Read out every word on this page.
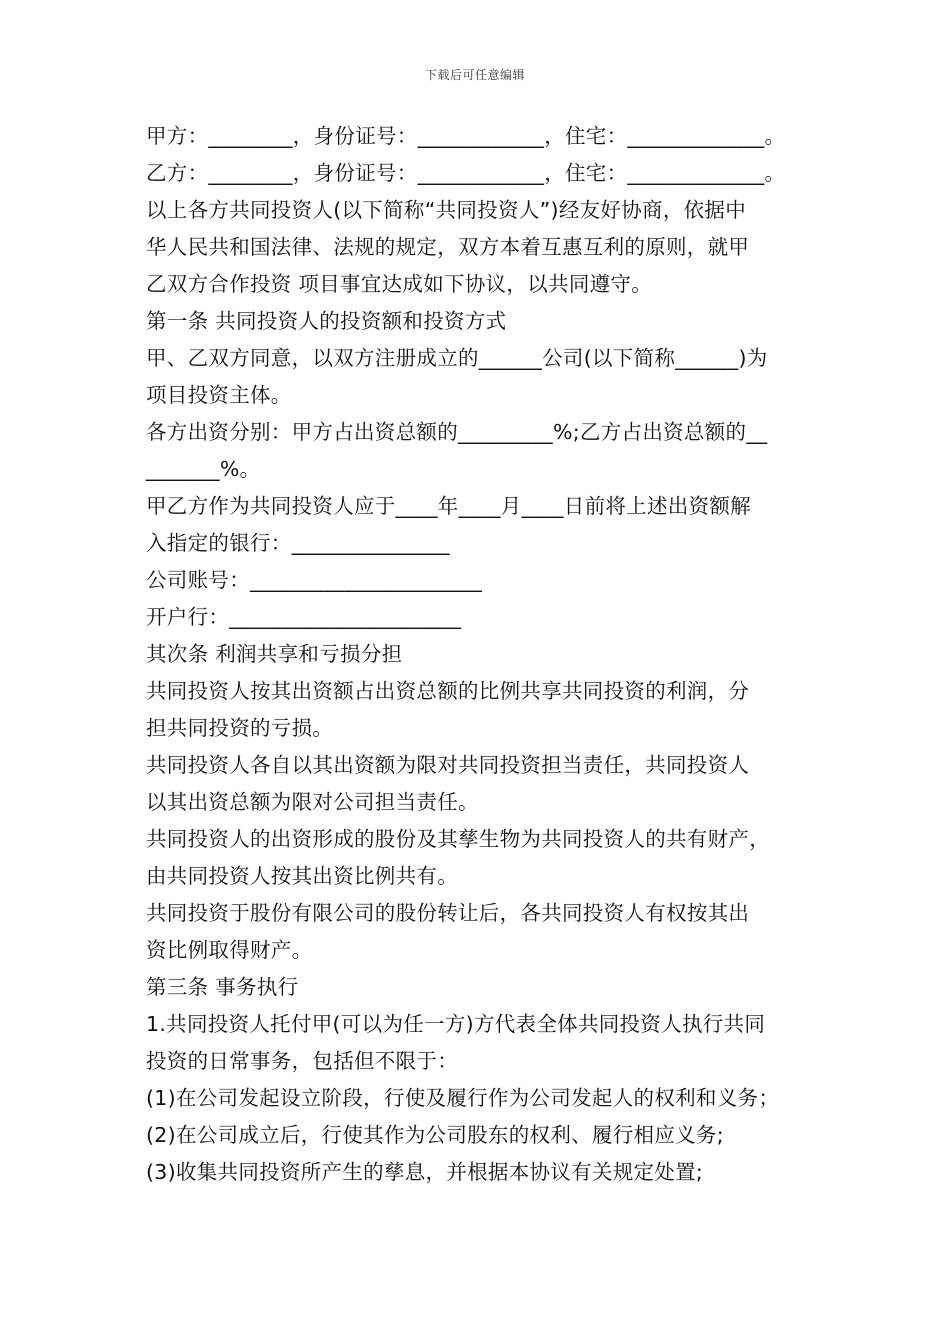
下载后可任意编辑
甲方：________，身份证号：____________，住宅：_____________。
乙方：________，身份证号：____________，住宅：_____________。
以上各方共同投资人(以下简称“共同投资人”)经友好协商，依据中
华人民共和国法律、法规的规定，双方本着互惠互利的原则，就甲
乙双方合作投资 项目事宜达成如下协议，以共同遵守。
第一条 共同投资人的投资额和投资方式
甲、乙双方同意，以双方注册成立的______公司(以下简称______)为
项目投资主体。
各方出资分别：甲方占出资总额的_________%;乙方占出资总额的__
_______%。
甲乙方作为共同投资人应于____年____月____日前将上述出资额解
入指定的银行：_______________
公司账号：______________________
开户行：______________________
其次条 利润共享和亏损分担
共同投资人按其出资额占出资总额的比例共享共同投资的利润，分
担共同投资的亏损。
共同投资人各自以其出资额为限对共同投资担当责任，共同投资人
以其出资总额为限对公司担当责任。
共同投资人的出资形成的股份及其孳生物为共同投资人的共有财产，
由共同投资人按其出资比例共有。
共同投资于股份有限公司的股份转让后，各共同投资人有权按其出
资比例取得财产。
第三条 事务执行
1.共同投资人托付甲(可以为任一方)方代表全体共同投资人执行共同
投资的日常事务，包括但不限于：
(1)在公司发起设立阶段，行使及履行作为公司发起人的权利和义务；
(2)在公司成立后，行使其作为公司股东的权利、履行相应义务;
(3)收集共同投资所产生的孳息，并根据本协议有关规定处置;
